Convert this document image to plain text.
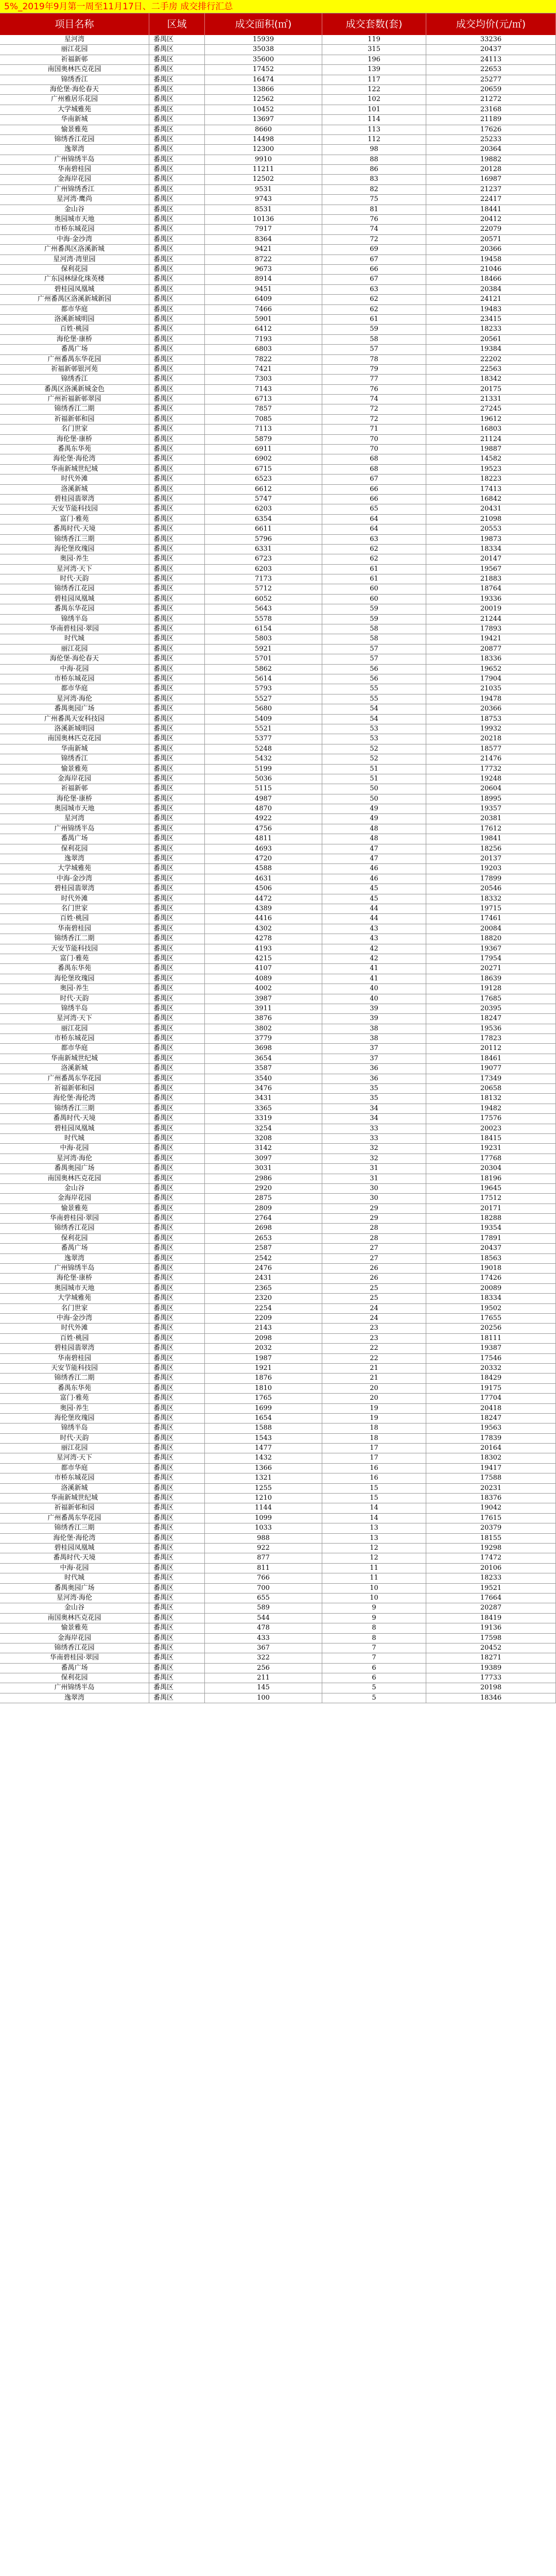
5%_2019年9月第一周至11月17日、二手房 成交排行汇总
项目名称	区域	成交面积(㎡)	成交套数(套)	成交均价(元/㎡)
星河湾	番禺区	15939	119	33236
丽江花园	番禺区	35038	315	20437
祈福新邨	番禺区	35600	196	24113
南国奥林匹克花园	番禺区	17452	139	22653
锦绣香江	番禺区	16474	117	25277
海伦堡·海伦春天	番禺区	13866	122	20659
广州雅居乐花园	番禺区	12562	102	21272
大学城雅苑	番禺区	10452	101	23168
华南新城	番禺区	13697	114	21189
愉景雅苑	番禺区	8660	113	17626
锦绣香江花园	番禺区	14498	112	25233
逸翠湾	番禺区	12300	98	20364
广州锦绣半岛	番禺区	9910	88	19882
华南碧桂园	番禺区	11211	86	20128
金海岸花园	番禺区	12502	83	16987
广州锦绣香江	番禺区	9531	82	21237
星河湾·鹰尚	番禺区	9743	75	22417
金山谷	番禺区	8531	81	18441
奥园城市天地	番禺区	10136	76	20412
市桥东城花园	番禺区	7917	74	22079
中海·金沙湾	番禺区	8364	72	20571
广州番禺区洛溪新城	番禺区	9421	69	20366
星河湾·湾里园	番禺区	8722	67	19458
保利花园	番禺区	9673	66	21046
广东园林绿化珠英楼	番禺区	8914	67	18466
碧桂园凤凰城	番禺区	9451	63	20384
广州番禺区洛溪新城新园	番禺区	6409	62	24121
都市华庭	番禺区	7466	62	19483
洛溪新城明园	番禺区	5901	61	23415
百姓·桃园	番禺区	6412	59	18233
海伦堡·康桥	番禺区	7193	58	20561
番禺广场	番禺区	6803	57	19384
广州番禺东华花园	番禺区	7822	78	22202
祈福新邨银河苑	番禺区	7421	79	22563
锦绣香江	番禺区	7303	77	18342
番禺区洛溪新城金色	番禺区	7143	76	20175
广州祈福新邨翠园	番禺区	6713	74	21331
锦绣香江二期	番禺区	7857	72	27245
祈福新邨和园	番禺区	7085	72	19612
名门世家	番禺区	7113	71	16803
海伦堡·康桥	番禺区	5879	70	21124
番禺东华苑	番禺区	6911	70	19887
海伦堡·海伦湾	番禺区	6902	68	14582
华南新城世纪城	番禺区	6715	68	19523
时代外滩	番禺区	6523	67	18223
洛溪新城	番禺区	6612	66	17413
碧桂园翡翠湾	番禺区	5747	66	16842
天安节能科技园	番禺区	6203	65	20431
富门·雅苑	番禺区	6354	64	21098
番禺时代·天境	番禺区	6611	64	20553
锦绣香江三期	番禺区	5796	63	19873
海伦堡玫瑰园	番禺区	6331	62	18334
奥园·养生	番禺区	6723	62	20147
星河湾·天下	番禺区	6203	61	19567
时代·天韵	番禺区	7173	61	21883
锦绣香江花园	番禺区	5712	60	18764
碧桂园凤凰城	番禺区	6052	60	19336
番禺东华花园	番禺区	5643	59	20019
锦绣半岛	番禺区	5578	59	21244
华南碧桂园·翠园	番禺区	6154	58	17893
时代城	番禺区	5803	58	19421
丽江花园	番禺区	5921	57	20877
海伦堡·海伦春天	番禺区	5701	57	18336
中海·花园	番禺区	5862	56	19652
市桥东城花园	番禺区	5614	56	17904
都市华庭	番禺区	5793	55	21035
星河湾·海伦	番禺区	5527	55	19478
番禺奥园广场	番禺区	5680	54	20366
广州番禺天安科技园	番禺区	5409	54	18753
洛溪新城明园	番禺区	5521	53	19932
南国奥林匹克花园	番禺区	5377	53	20218
华南新城	番禺区	5248	52	18577
锦绣香江	番禺区	5432	52	21476
愉景雅苑	番禺区	5199	51	17732
金海岸花园	番禺区	5036	51	19248
祈福新邨	番禺区	5115	50	20604
海伦堡·康桥	番禺区	4987	50	18995
奥园城市天地	番禺区	4870	49	19357
星河湾	番禺区	4922	49	20381
广州锦绣半岛	番禺区	4756	48	17612
番禺广场	番禺区	4811	48	19841
保利花园	番禺区	4693	47	18256
逸翠湾	番禺区	4720	47	20137
大学城雅苑	番禺区	4588	46	19203
中海·金沙湾	番禺区	4631	46	17899
碧桂园翡翠湾	番禺区	4506	45	20546
时代外滩	番禺区	4472	45	18332
名门世家	番禺区	4389	44	19715
百姓·桃园	番禺区	4416	44	17461
华南碧桂园	番禺区	4302	43	20084
锦绣香江二期	番禺区	4278	43	18820
天安节能科技园	番禺区	4193	42	19367
富门·雅苑	番禺区	4215	42	17954
番禺东华苑	番禺区	4107	41	20271
海伦堡玫瑰园	番禺区	4089	41	18639
奥园·养生	番禺区	4002	40	19128
时代·天韵	番禺区	3987	40	17685
锦绣半岛	番禺区	3911	39	20395
星河湾·天下	番禺区	3876	39	18247
丽江花园	番禺区	3802	38	19536
市桥东城花园	番禺区	3779	38	17823
都市华庭	番禺区	3698	37	20112
华南新城世纪城	番禺区	3654	37	18461
洛溪新城	番禺区	3587	36	19077
广州番禺东华花园	番禺区	3540	36	17349
祈福新邨和园	番禺区	3476	35	20658
海伦堡·海伦湾	番禺区	3431	35	18132
锦绣香江三期	番禺区	3365	34	19482
番禺时代·天境	番禺区	3319	34	17576
碧桂园凤凰城	番禺区	3254	33	20023
时代城	番禺区	3208	33	18415
中海·花园	番禺区	3142	32	19231
星河湾·海伦	番禺区	3097	32	17768
番禺奥园广场	番禺区	3031	31	20304
南国奥林匹克花园	番禺区	2986	31	18196
金山谷	番禺区	2920	30	19645
金海岸花园	番禺区	2875	30	17512
愉景雅苑	番禺区	2809	29	20171
华南碧桂园·翠园	番禺区	2764	29	18288
锦绣香江花园	番禺区	2698	28	19354
保利花园	番禺区	2653	28	17891
番禺广场	番禺区	2587	27	20437
逸翠湾	番禺区	2542	27	18563
广州锦绣半岛	番禺区	2476	26	19018
海伦堡·康桥	番禺区	2431	26	17426
奥园城市天地	番禺区	2365	25	20089
大学城雅苑	番禺区	2320	25	18334
名门世家	番禺区	2254	24	19502
中海·金沙湾	番禺区	2209	24	17655
时代外滩	番禺区	2143	23	20256
百姓·桃园	番禺区	2098	23	18111
碧桂园翡翠湾	番禺区	2032	22	19387
华南碧桂园	番禺区	1987	22	17546
天安节能科技园	番禺区	1921	21	20332
锦绣香江二期	番禺区	1876	21	18429
番禺东华苑	番禺区	1810	20	19175
富门·雅苑	番禺区	1765	20	17704
奥园·养生	番禺区	1699	19	20418
海伦堡玫瑰园	番禺区	1654	19	18247
锦绣半岛	番禺区	1588	18	19563
时代·天韵	番禺区	1543	18	17839
丽江花园	番禺区	1477	17	20164
星河湾·天下	番禺区	1432	17	18302
都市华庭	番禺区	1366	16	19417
市桥东城花园	番禺区	1321	16	17588
洛溪新城	番禺区	1255	15	20231
华南新城世纪城	番禺区	1210	15	18376
祈福新邨和园	番禺区	1144	14	19042
广州番禺东华花园	番禺区	1099	14	17615
锦绣香江三期	番禺区	1033	13	20379
海伦堡·海伦湾	番禺区	988	13	18155
碧桂园凤凰城	番禺区	922	12	19298
番禺时代·天境	番禺区	877	12	17472
中海·花园	番禺区	811	11	20106
时代城	番禺区	766	11	18233
番禺奥园广场	番禺区	700	10	19521
星河湾·海伦	番禺区	655	10	17664
金山谷	番禺区	589	9	20287
南国奥林匹克花园	番禺区	544	9	18419
愉景雅苑	番禺区	478	8	19136
金海岸花园	番禺区	433	8	17598
锦绣香江花园	番禺区	367	7	20452
华南碧桂园·翠园	番禺区	322	7	18271
番禺广场	番禺区	256	6	19389
保利花园	番禺区	211	6	17733
广州锦绣半岛	番禺区	145	5	20198
逸翠湾	番禺区	100	5	18346
